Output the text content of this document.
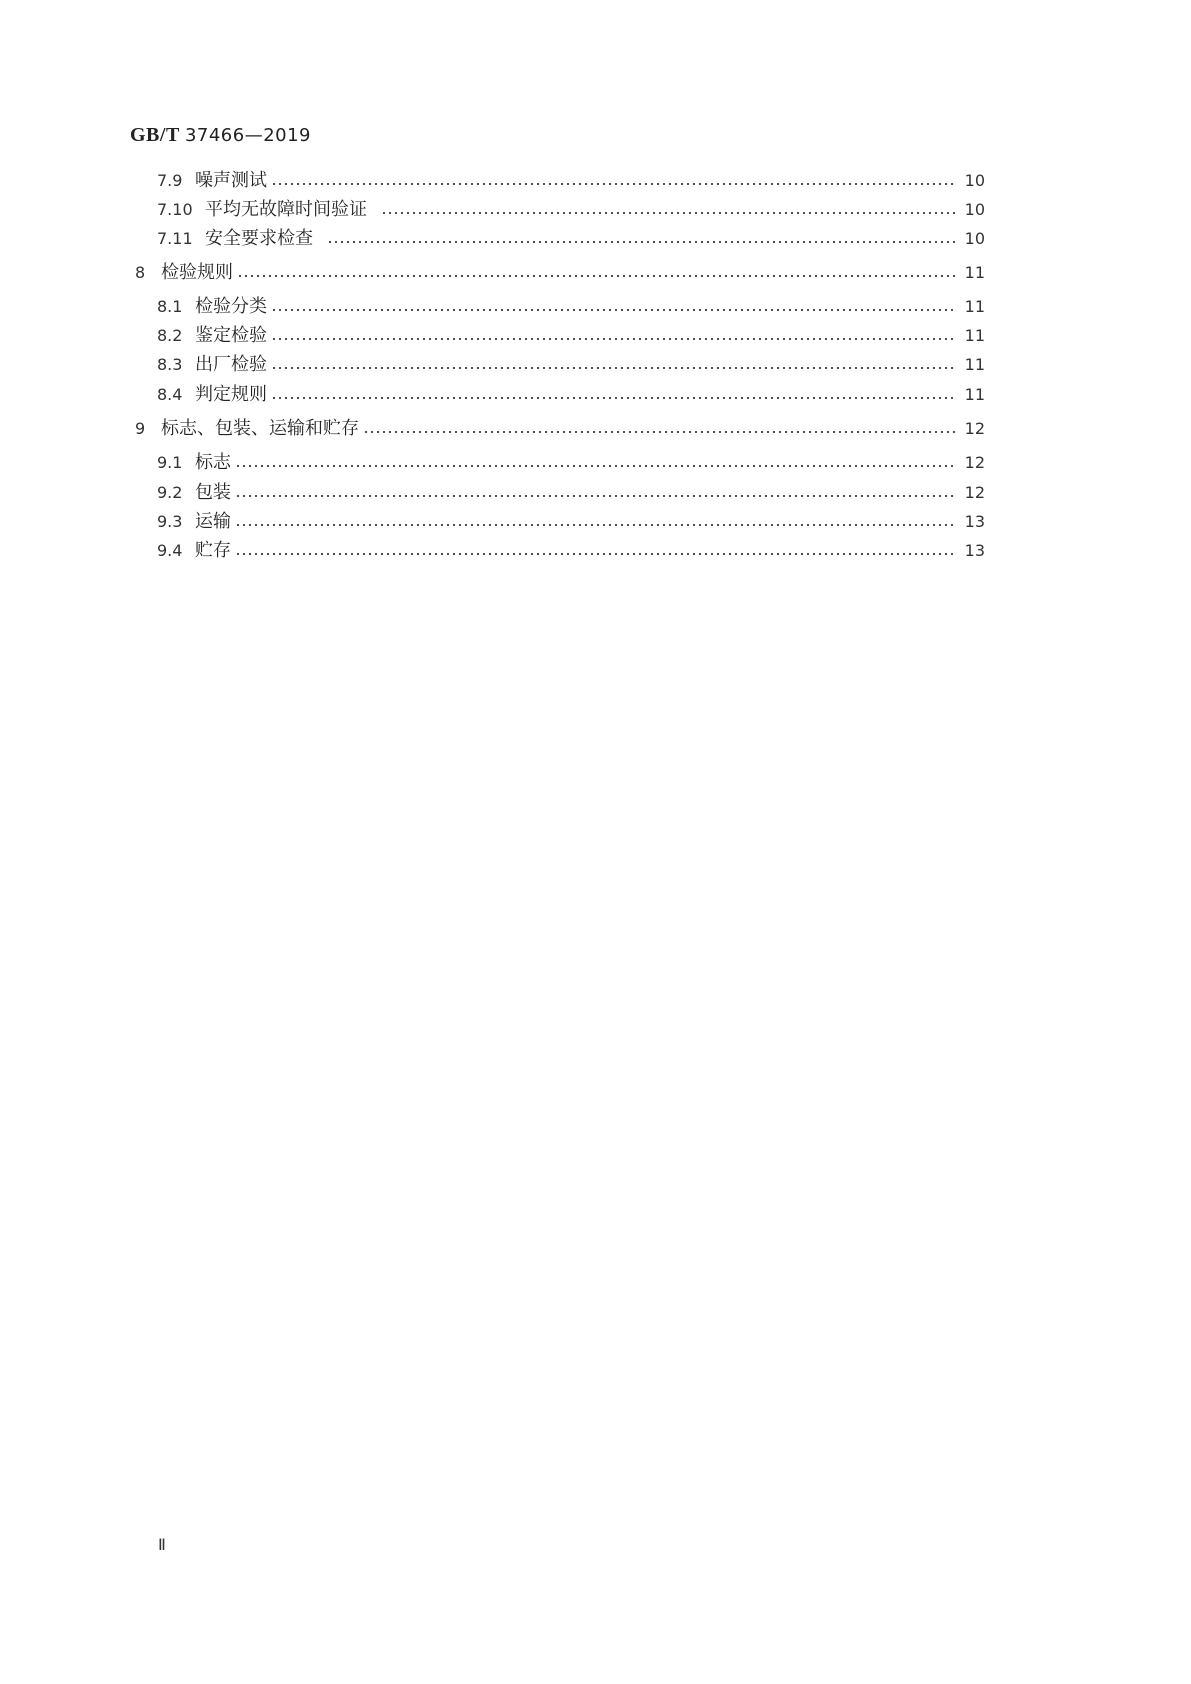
GB/T 37466—2019
7.9 噪声测试	10
7.10 平均无故障时间验证	10
7.11 安全要求检查	10
8 检验规则	11
8.1 检验分类	11
8.2 鉴定检验	11
8.3 出厂检验	11
8.4 判定规则	11
9 标志、包装、运输和贮存	12
9.1 标志	12
9.2 包装	12
9.3 运输	13
9.4 贮存	13
Ⅱ
